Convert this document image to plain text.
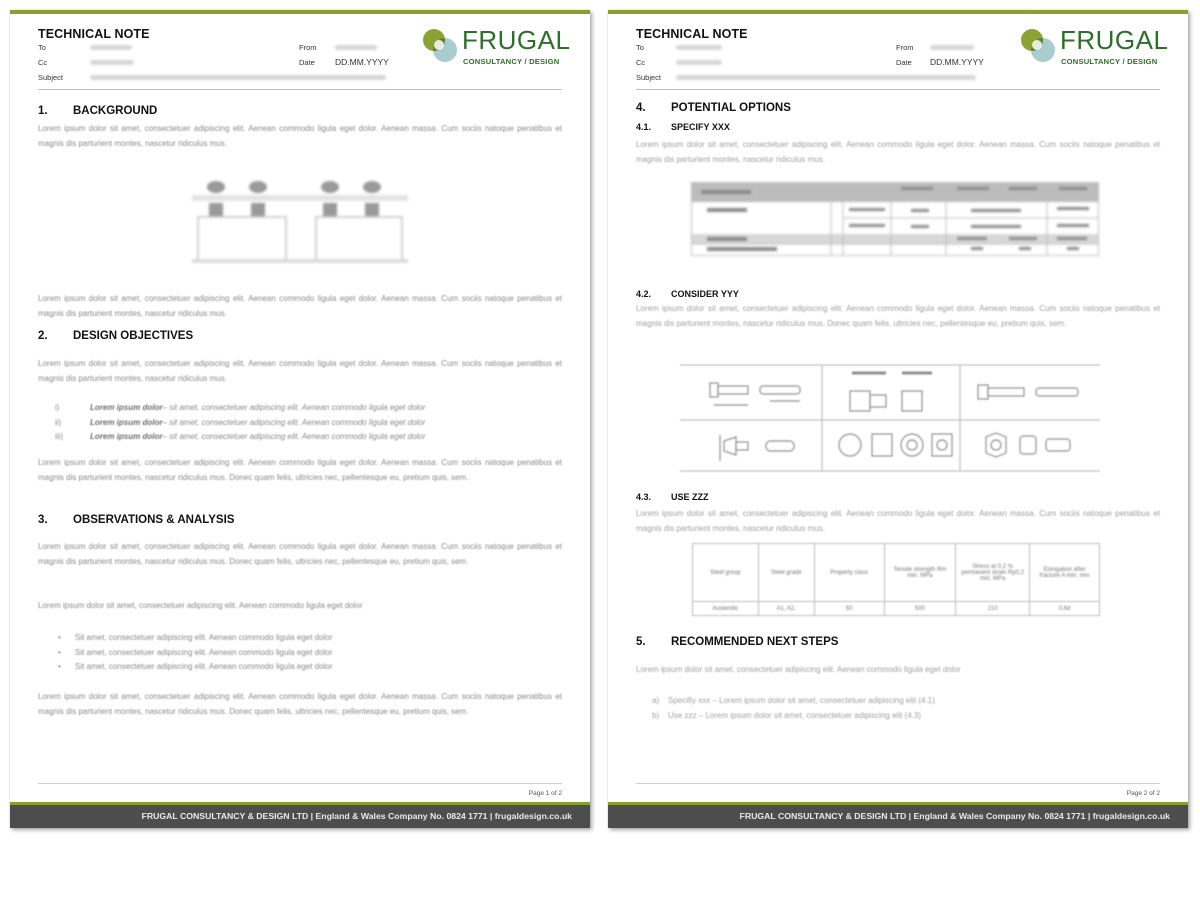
TECHNICAL NOTE
To
Cc
Subject
From
Date DD.MM.YYYY
FRUGAL
CONSULTANCY / DESIGN
1. BACKGROUND
Lorem ipsum dolor sit amet, consectetuer adipiscing elit. Aenean commodo ligula eget dolor. Aenean massa. Cum sociis natoque penatibus et magnis dis parturient montes, nascetur ridiculus mus.
Lorem ipsum dolor sit amet, consectetuer adipiscing elit. Aenean commodo ligula eget dolor. Aenean massa. Cum sociis natoque penatibus et magnis dis parturient montes, nascetur ridiculus mus.
2. DESIGN OBJECTIVES
Lorem ipsum dolor sit amet, consectetuer adipiscing elit. Aenean commodo ligula eget dolor. Aenean massa. Cum sociis natoque penatibus et magnis dis parturient montes, nascetur ridiculus mus.
i)	Lorem ipsum dolor – sit amet, consectetuer adipiscing elit. Aenean commodo ligula eget dolor
ii)	Lorem ipsum dolor – sit amet, consectetuer adipiscing elit. Aenean commodo ligula eget dolor
iii)	Lorem ipsum dolor – sit amet, consectetuer adipiscing elit. Aenean commodo ligula eget dolor
Lorem ipsum dolor sit amet, consectetuer adipiscing elit. Aenean commodo ligula eget dolor. Aenean massa. Cum sociis natoque penatibus et magnis dis parturient montes, nascetur ridiculus mus. Donec quam felis, ultricies nec, pellentesque eu, pretium quis, sem.
3. OBSERVATIONS & ANALYSIS
Lorem ipsum dolor sit amet, consectetuer adipiscing elit. Aenean commodo ligula eget dolor. Aenean massa. Cum sociis natoque penatibus et magnis dis parturient montes, nascetur ridiculus mus. Donec quam felis, ultricies nec, pellentesque eu, pretium quis, sem.
Lorem ipsum dolor sit amet, consectetuer adipiscing elit. Aenean commodo ligula eget dolor
•	Sit amet, consectetuer adipiscing elit. Aenean commodo ligula eget dolor
•	Sit amet, consectetuer adipiscing elit. Aenean commodo ligula eget dolor
•	Sit amet, consectetuer adipiscing elit. Aenean commodo ligula eget dolor
Lorem ipsum dolor sit amet, consectetuer adipiscing elit. Aenean commodo ligula eget dolor. Aenean massa. Cum sociis natoque penatibus et magnis dis parturient montes, nascetur ridiculus mus. Donec quam felis, ultricies nec, pellentesque eu, pretium quis, sem.
Page 1 of 2
FRUGAL CONSULTANCY & DESIGN LTD | England & Wales Company No. 0824 1771 | frugaldesign.co.uk
TECHNICAL NOTE
To
Cc
Subject
From
Date DD.MM.YYYY
FRUGAL
CONSULTANCY / DESIGN
4. POTENTIAL OPTIONS
4.1. SPECIFY XXX
Lorem ipsum dolor sit amet, consectetuer adipiscing elit. Aenean commodo ligula eget dolor. Aenean massa. Cum sociis natoque penatibus et magnis dis parturient montes, nascetur ridiculus mus.
4.2. CONSIDER YYY
Lorem ipsum dolor sit amet, consectetuer adipiscing elit. Aenean commodo ligula eget dolor. Aenean massa. Cum sociis natoque penatibus et magnis dis parturient montes, nascetur ridiculus mus. Donec quam felis, ultricies nec, pellentesque eu, pretium quis, sem.
4.3. USE ZZZ
Lorem ipsum dolor sit amet, consectetuer adipiscing elit. Aenean commodo ligula eget dolor. Aenean massa. Cum sociis natoque penatibus et magnis dis parturient montes, nascetur ridiculus mus.
Steel group	Steel grade	Property class	Tensile strength Rm min. MPa	Stress at 0,2 % permanent strain Rp0,2 min. MPa	Elongation after fracture A min. mm
Austenitic	A1, A2,	50	500	210	0,6d
5. RECOMMENDED NEXT STEPS
Lorem ipsum dolor sit amet, consectetuer adipiscing elit. Aenean commodo ligula eget dolor
a)	Specifiy xxx – Lorem ipsum dolor sit amet, consectetuer adipiscing elit (4.1)
b)	Use zzz – Lorem ipsum dolor sit amet, consectetuer adipiscing elit (4.3)
Page 2 of 2
FRUGAL CONSULTANCY & DESIGN LTD | England & Wales Company No. 0824 1771 | frugaldesign.co.uk
